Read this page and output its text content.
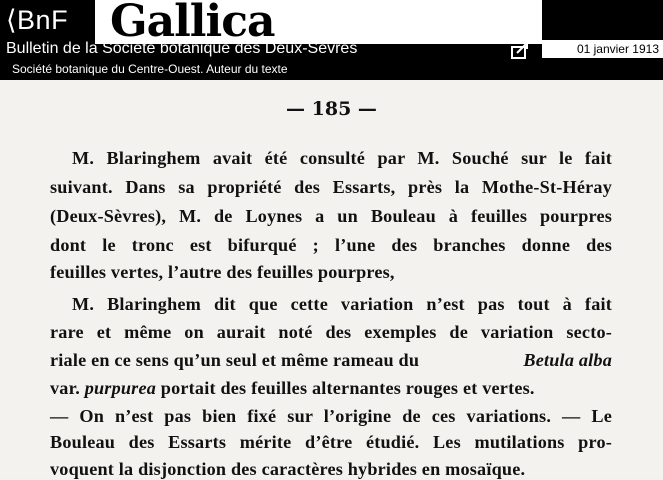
⟨BnF Gallica
Bulletin de la Société botanique des Deux-Sèvres	01 janvier 1913
Société botanique du Centre-Ouest. Auteur du texte
— 185 —
M. Blaringhem avait été consulté par M. Souché sur le fait
suivant. Dans sa propriété des Essarts, près la Mothe-St-Héray
(Deux-Sèvres), M. de Loynes a un Bouleau à feuilles pourpres
dont le tronc est bifurqué ; l’une des branches donne des
feuilles vertes, l’autre des feuilles pourpres,
M. Blaringhem dit que cette variation n’est pas tout à fait
rare et même on aurait noté des exemples de variation secto-
riale en ce sens qu’un seul et même rameau du	Betula alba
var. purpurea portait des feuilles alternantes rouges et vertes.
— On n’est pas bien fixé sur l’origine de ces variations. — Le
Bouleau des Essarts mérite d’être étudié. Les mutilations pro-
voquent la disjonction des caractères hybrides en mosaïque.
